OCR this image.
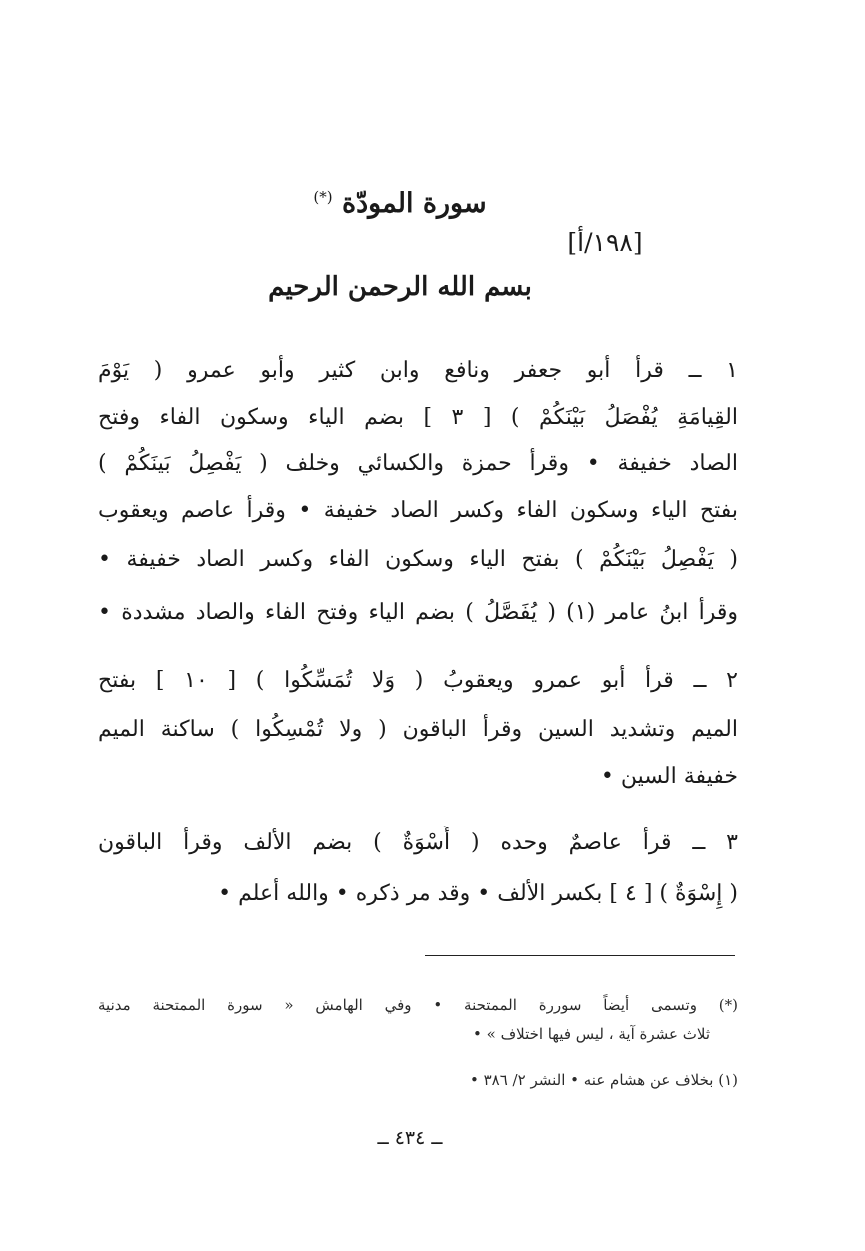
سورة المودّة (*)
[١٩٨/أ]
بسم الله الرحمن الرحيم
١ ــ قرأ أبو جعفر ونافع وابن كثير وأبو عمرو ( يَوْمَ
القِيامَةِ يُفْصَلُ بَيْنَكُمْ ) [ ٣ ] بضم الياء وسكون الفاء وفتح
الصاد خفيفة • وقرأ حمزة والكسائي وخلف ( يَفْصِلُ بَينَكُمْ )
بفتح الياء وسكون الفاء وكسر الصاد خفيفة • وقرأ عاصم ويعقوب
( يَفْصِلُ بَيْنَكُمْ ) بفتح الياء وسكون الفاء وكسر الصاد خفيفة •
وقرأ ابنُ عامر (١) ( يُفَصَّلُ ) بضم الياء وفتح الفاء والصاد مشددة •
٢ ــ قرأ أبو عمرو ويعقوبُ ( وَلا تُمَسِّكُوا ) [ ١٠ ] بفتح
الميم وتشديد السين وقرأ الباقون ( ولا تُمْسِكُوا ) ساكنة الميم
خفيفة السين •
٣ ــ قرأ عاصمٌ وحده ( أُسْوَةٌ ) بضم الألف وقرأ الباقون
( إِسْوَةٌ ) [ ٤ ] بكسر الألف • وقد مر ذكره • والله أعلم •
(*) وتسمى أيضاً سوررة الممتحنة • وفي الهامش « سورة الممتحنة مدنية
ثلاث عشرة آية ، ليس فيها اختلاف » •
(١) بخلاف عن هشام عنه • النشر ٢/ ٣٨٦ •
ــ ٤٣٤ ــ
